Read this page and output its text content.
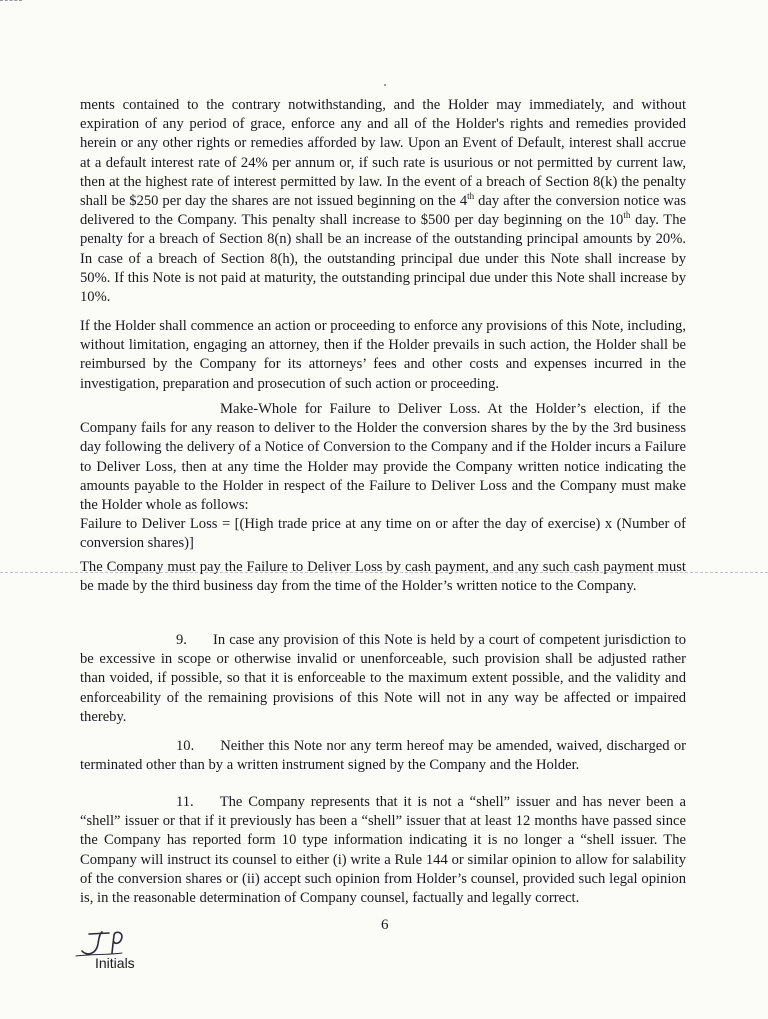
ments contained to the contrary notwithstanding, and the Holder may immediately, and without expiration of any period of grace, enforce any and all of the Holder's rights and remedies provided herein or any other rights or remedies afforded by law. Upon an Event of Default, interest shall accrue at a default interest rate of 24% per annum or, if such rate is usurious or not permitted by current law, then at the highest rate of interest permitted by law. In the event of a breach of Section 8(k) the penalty shall be $250 per day the shares are not issued beginning on the 4th day after the conversion notice was delivered to the Company. This penalty shall increase to $500 per day beginning on the 10th day. The penalty for a breach of Section 8(n) shall be an increase of the outstanding principal amounts by 20%. In case of a breach of Section 8(h), the outstanding principal due under this Note shall increase by 50%. If this Note is not paid at maturity, the outstanding principal due under this Note shall increase by 10%.

If the Holder shall commence an action or proceeding to enforce any provisions of this Note, including, without limitation, engaging an attorney, then if the Holder prevails in such action, the Holder shall be reimbursed by the Company for its attorneys’ fees and other costs and expenses incurred in the investigation, preparation and prosecution of such action or proceeding.

Make-Whole for Failure to Deliver Loss. At the Holder’s election, if the Company fails for any reason to deliver to the Holder the conversion shares by the by the 3rd business day following the delivery of a Notice of Conversion to the Company and if the Holder incurs a Failure to Deliver Loss, then at any time the Holder may provide the Company written notice indicating the amounts payable to the Holder in respect of the Failure to Deliver Loss and the Company must make the Holder whole as follows:
Failure to Deliver Loss = [(High trade price at any time on or after the day of exercise) x (Number of conversion shares)]

The Company must pay the Failure to Deliver Loss by cash payment, and any such cash payment must be made by the third business day from the time of the Holder’s written notice to the Company.

9. In case any provision of this Note is held by a court of competent jurisdiction to be excessive in scope or otherwise invalid or unenforceable, such provision shall be adjusted rather than voided, if possible, so that it is enforceable to the maximum extent possible, and the validity and enforceability of the remaining provisions of this Note will not in any way be affected or impaired thereby.

10. Neither this Note nor any term hereof may be amended, waived, discharged or terminated other than by a written instrument signed by the Company and the Holder.

11. The Company represents that it is not a “shell” issuer and has never been a “shell” issuer or that if it previously has been a “shell” issuer that at least 12 months have passed since the Company has reported form 10 type information indicating it is no longer a “shell issuer. The Company will instruct its counsel to either (i) write a Rule 144 or similar opinion to allow for salability of the conversion shares or (ii) accept such opinion from Holder’s counsel, provided such legal opinion is, in the reasonable determination of Company counsel, factually and legally correct.

6
Initials
